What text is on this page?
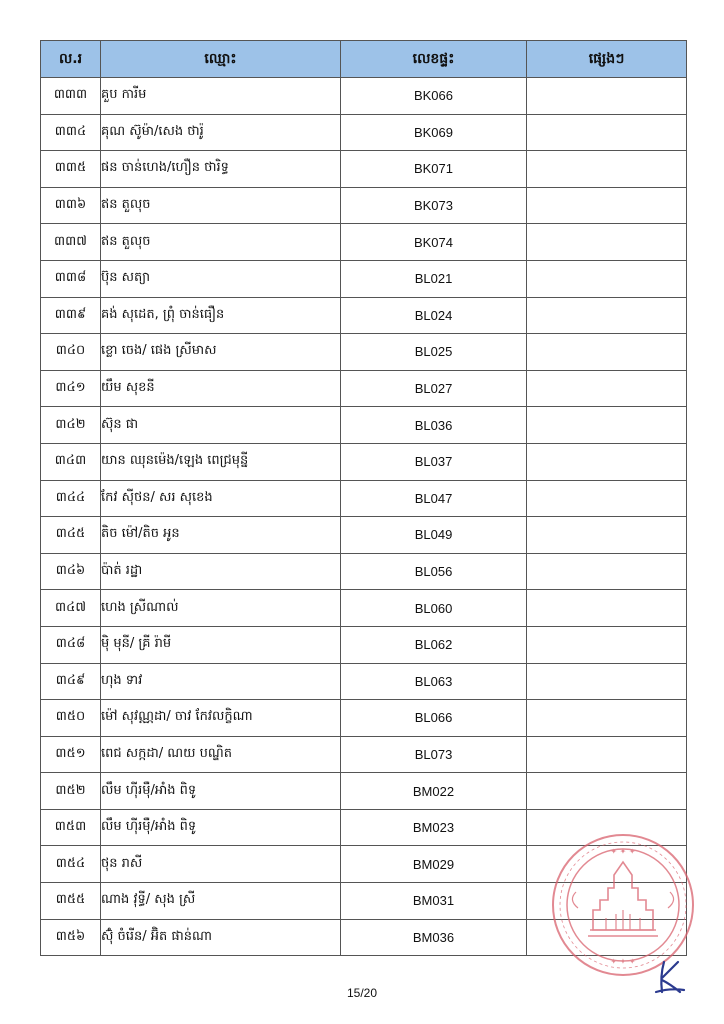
ល.រ	ឈ្មោះ	លេខផ្ទះ	ផ្សេងៗ
៣៣៣	គួប ការីម	BK066	
៣៣៤	គុណ ស៊ូម៉ា/សេង ថារ៉ូ	BK069	
៣៣៥	ផន ចាន់ហេង/ហឿន ថារិទ្ធ	BK071	
៣៣៦	ឥន តួលុច	BK073	
៣៣៧	ឥន តួលុច	BK074	
៣៣៨	ប៊ុន សត្យា	BL021	
៣៣៩	គង់ សុដេត, ព្រុំ ចាន់ធឿន	BL024	
៣៤០	ខ្លោ ចេង/ ផេង ស្រីមាស	BL025	
៣៤១	យឹម សុខនី	BL027	
៣៤២	ស៊ុន ផា	BL036	
៣៤៣	យាន ឈុនម៉េង/ឡេង ពេជ្រមុន្នី	BL037	
៣៤៤	កែវ ស៊ីថន/ សរ សុខេង	BL047	
៣៤៥	តិច ម៉ៅ/តិច អូន	BL049	
៣៤៦	ប៉ាត់ រដ្ឋា	BL056	
៣៤៧	ហេង ស្រីណាល់	BL060	
៣៤៨	ម៉ិ មុនី/ គ្រី រ៉ាមី	BL062	
៣៤៩	ហុង ទាវ	BL063	
៣៥០	ម៉ៅ សុវណ្ណដា/ ចាវ កែវលក្ខិណា	BL066	
៣៥១	ពេជ សក្កដា/ ណយ បណ្ឌិត	BL073	
៣៥២	លឹម ហ៊ីរម៉ឺ/អាំង ពិទូ	BM022	
៣៥៣	លឹម ហ៊ីរម៉ឺ/អាំង ពិទូ	BM023	
៣៥៤	ថុន រាសី	BM029	
៣៥៥	ណាង វុទ្ធី/ សុង ស្រី	BM031	
៣៥៦	ស៊ុំ ចំរើន/ អ៊ិត ផាន់ណា	BM036	
15/20
✦ ✦ ✦
✦ ✦ ✦
